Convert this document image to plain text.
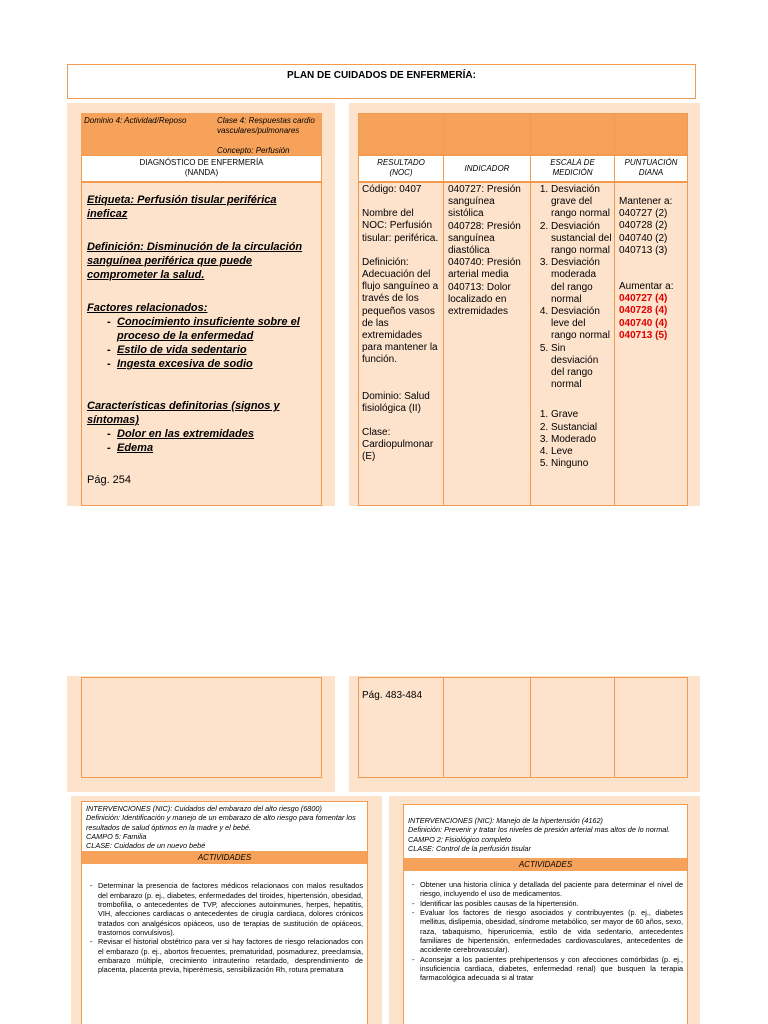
PLAN DE CUIDADOS DE ENFERMERÍA:
Dominio 4: Actividad/Reposo	Clase 4: Respuestas cardiovasculares/pulmonares
Concepto: Perfusión
DIAGNÓSTICO DE ENFERMERÍA
(NANDA)
Etiqueta: Perfusión tisular periférica ineficaz
Definición: Disminución de la circulación sanguínea periférica que puede comprometer la salud.
Factores relacionados:
- Conocimiento insuficiente sobre el proceso de la enfermedad
- Estilo de vida sedentario
- Ingesta excesiva de sodio
Características definitorias (signos y síntomas)
- Dolor en las extremidades
- Edema
Pág. 254
RESULTADO
(NOC)	INDICADOR
ESCALA DE
MEDICIÓN
PUNTUACIÓN
DIANA
Código: 0407
Nombre del NOC: Perfusión tisular: periférica.
Definición: Adecuación del flujo sanguíneo a través de los pequeños vasos de las extremidades para mantener la función.
Dominio: Salud fisiológica (II)
Clase: Cardiopulmonar (E)
040727: Presión sanguínea sistólica
040728: Presión sanguínea diastólica
040740: Presión arterial media
040713: Dolor localizado en extremidades
1. Desviación grave del rango normal
2. Desviación sustancial del rango normal
3. Desviación moderada del rango normal
4. Desviación leve del rango normal
5. Sin desviación del rango normal
1. Grave
2. Sustancial
3. Moderado
4. Leve
5. Ninguno
Mantener a:
040727 (2)
040728 (2)
040740 (2)
040713 (3)
Aumentar a:
040727 (4)
040728 (4)
040740 (4)
040713 (5)
Pág. 483-484
INTERVENCIONES (NIC): Cuidados del embarazo del alto riesgo (6800)
Definición: Identificación y manejo de un embarazo de alto riesgo para fomentar los resultados de salud óptimos en la madre y el bebé.
CAMPO 5: Familia
CLASE: Cuidados de un nuevo bebé
ACTIVIDADES
- Determinar la presencia de factores médicos relacionaos con malos resultados del embarazo (p. ej., diabetes, enfermedades del tiroides, hipertensión, obesidad, trombofilia, o antecedentes de TVP, afecciones autoinmunes, herpes, hepatitis, VIH, afecciones cardiacas o antecedentes de cirugía cardiaca, dolores crónicos tratados con analgésicos opiáceos, uso de terapias de sustitución de opiáceos, trastornos convulsivos).
- Revisar el historial obstétrico para ver si hay factores de riesgo relacionados con el embarazo (p. ej., abortos frecuentes, prematuridad, posmadurez, preeclamsia, embarazo múltiple, crecimiento intrauterino retardado, desprendimiento de placenta, placenta previa, hiperémesis, sensibilización Rh, rotura prematura
INTERVENCIONES (NIC): Manejo de la hipertensión (4162)
Definición: Prevenir y tratar los niveles de presión arterial mas altos de lo normal.
CAMPO 2: Fisiológico completo
CLASE: Control de la perfusión tisular
ACTIVIDADES
- Obtener una historia clínica y detallada del paciente para determinar el nivel de riesgo, incluyendo el uso de medicamentos.
- Identificar las posibles causas de la hipertensión.
- Evaluar los factores de riesgo asociados y contribuyentes (p. ej., diabetes mellitus, dislipemia, obesidad, síndrome metabólico, ser mayor de 60 años, sexo, raza, tabaquismo, hiperuricemia, estilo de vida sedentario, antecedentes familiares de hipertensión, enfermedades cardiovasculares, antecedentes de accidente cerebrovascular).
- Aconsejar a los pacientes prehipertensos y con afecciones comórbidas (p. ej., insuficiencia cardiaca, diabetes, enfermedad renal) que busquen la terapia farmacológica adecuada si al tratar
